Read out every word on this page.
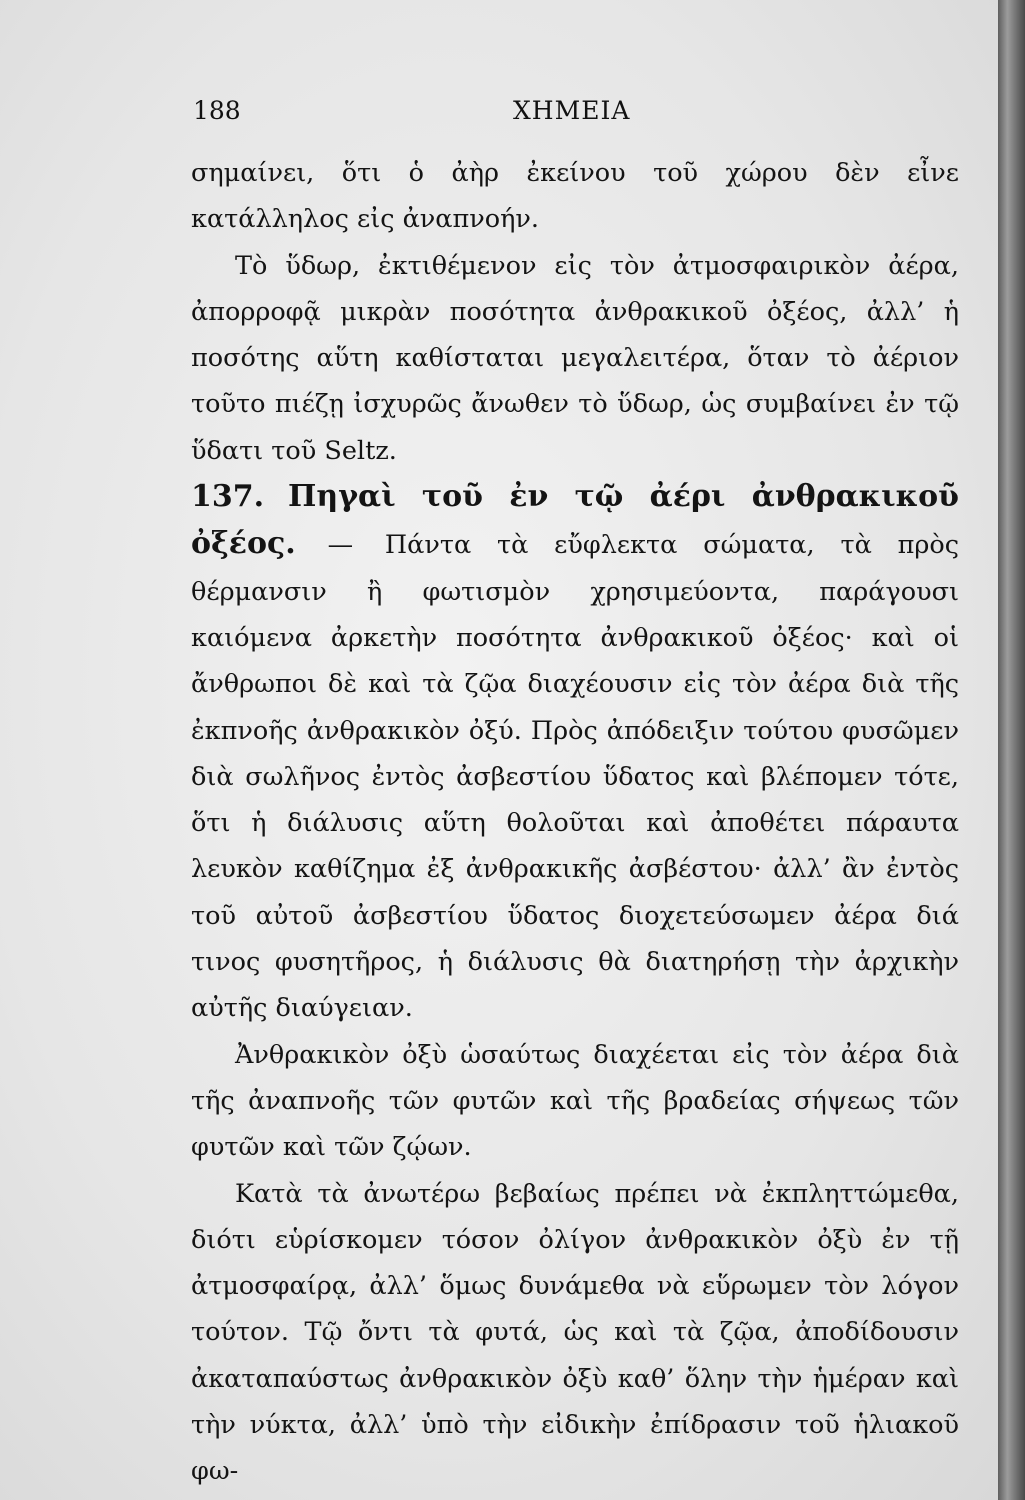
188	ΧΗΜΕΙΑ

σημαίνει, ὅτι ὁ ἀὴρ ἐκείνου τοῦ χώρου δὲν εἶνε κατάλληλος εἰς ἀναπνοήν.

Τὸ ὕδωρ, ἐκτιθέμενον εἰς τὸν ἀτμοσφαιρικὸν ἀέρα, ἀπορροφᾷ μικρὰν ποσότητα ἀνθρακικοῦ ὀξέος, ἀλλ’ ἡ ποσότης αὕτη καθίσταται μεγαλειτέρα, ὅταν τὸ ἀέριον τοῦτο πιέζῃ ἰσχυρῶς ἄνωθεν τὸ ὕδωρ, ὡς συμβαίνει ἐν τῷ ὕδατι τοῦ Seltz.

137. Πηγαὶ τοῦ ἐν τῷ ἀέρι ἀνθρακικοῦ ὀξέος. — Πάντα τὰ εὔφλεκτα σώματα, τὰ πρὸς θέρμανσιν ἢ φωτισμὸν χρησιμεύοντα, παράγουσι καιόμενα ἀρκετὴν ποσότητα ἀνθρακικοῦ ὀξέος· καὶ οἱ ἄνθρωποι δὲ καὶ τὰ ζῷα διαχέουσιν εἰς τὸν ἀέρα διὰ τῆς ἐκπνοῆς ἀνθρακικὸν ὀξύ. Πρὸς ἀπόδειξιν τούτου φυσῶμεν διὰ σωλῆνος ἐντὸς ἀσβεστίου ὕδατος καὶ βλέπομεν τότε, ὅτι ἡ διάλυσις αὕτη θολοῦται καὶ ἀποθέτει πάραυτα λευκὸν καθίζημα ἐξ ἀνθρακικῆς ἀσβέστου· ἀλλ’ ἂν ἐντὸς τοῦ αὐτοῦ ἀσβεστίου ὕδατος διοχετεύσωμεν ἀέρα διά τινος φυσητῆρος, ἡ διάλυσις θὰ διατηρήσῃ τὴν ἀρχικὴν αὐτῆς διαύγειαν.

Ἀνθρακικὸν ὀξὺ ὡσαύτως διαχέεται εἰς τὸν ἀέρα διὰ τῆς ἀναπνοῆς τῶν φυτῶν καὶ τῆς βραδείας σήψεως τῶν φυτῶν καὶ τῶν ζῴων.

Κατὰ τὰ ἀνωτέρω βεβαίως πρέπει νὰ ἐκπληττώμεθα, διότι εὑρίσκομεν τόσον ὀλίγον ἀνθρακικὸν ὀξὺ ἐν τῇ ἀτμοσφαίρᾳ, ἀλλ’ ὅμως δυνάμεθα νὰ εὕρωμεν τὸν λόγον τούτον. Τῷ ὄντι τὰ φυτά, ὡς καὶ τὰ ζῷα, ἀποδίδουσιν ἀκαταπαύστως ἀνθρακικὸν ὀξὺ καθ’ ὅλην τὴν ἡμέραν καὶ τὴν νύκτα, ἀλλ’ ὑπὸ τὴν εἰδικὴν ἐπίδρασιν τοῦ ἡλιακοῦ φω-
